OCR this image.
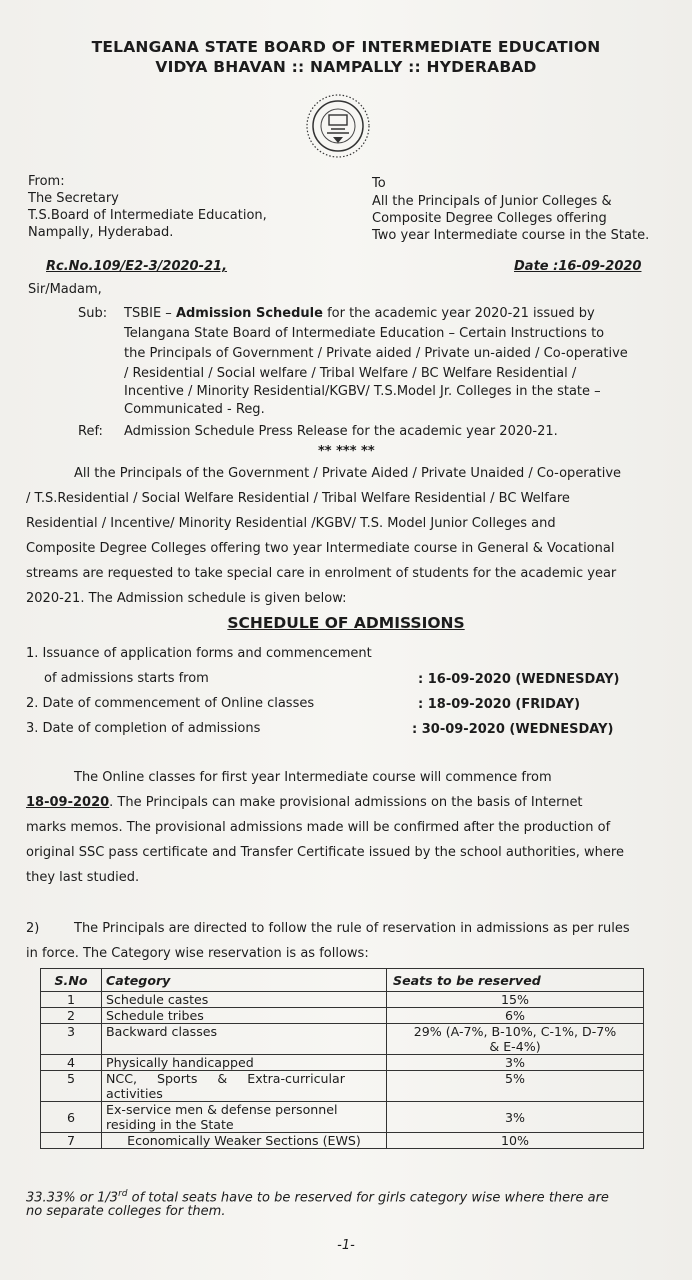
TELANGANA STATE BOARD OF INTERMEDIATE EDUCATION
VIDYA BHAVAN :: NAMPALLY :: HYDERABAD
From:
The Secretary
T.S.Board of Intermediate Education,
Nampally, Hyderabad.
To
All the Principals of Junior Colleges &
Composite Degree Colleges offering
Two year Intermediate course in the State.
Rc.No.109/E2-3/2020-21,	Date :16-09-2020
Sir/Madam,
Sub: TSBIE – Admission Schedule for the academic year 2020-21 issued by
Telangana State Board of Intermediate Education – Certain Instructions to
the Principals of Government / Private aided / Private un-aided / Co-operative
/ Residential / Social welfare / Tribal Welfare / BC Welfare Residential /
Incentive / Minority Residential/KGBV/ T.S.Model Jr. Colleges in the state –
Communicated - Reg.
Ref: Admission Schedule Press Release for the academic year 2020-21.
** *** **
All the Principals of the Government / Private Aided / Private Unaided / Co-operative
/ T.S.Residential / Social Welfare Residential / Tribal Welfare Residential / BC Welfare
Residential / Incentive/ Minority Residential /KGBV/ T.S. Model Junior Colleges and
Composite Degree Colleges offering two year Intermediate course in General & Vocational
streams are requested to take special care in enrolment of students for the academic year
2020-21. The Admission schedule is given below:
SCHEDULE OF ADMISSIONS
1. Issuance of application forms and commencement
of admissions starts from	: 16-09-2020 (WEDNESDAY)
2. Date of commencement of Online classes	: 18-09-2020 (FRIDAY)
3. Date of completion of admissions	: 30-09-2020 (WEDNESDAY)
The Online classes for first year Intermediate course will commence from
18-09-2020. The Principals can make provisional admissions on the basis of Internet
marks memos. The provisional admissions made will be confirmed after the production of
original SSC pass certificate and Transfer Certificate issued by the school authorities, where
they last studied.
2)	The Principals are directed to follow the rule of reservation in admissions as per rules
in force. The Category wise reservation is as follows:
S.No	Category	Seats to be reserved
1	Schedule castes	15%
2	Schedule tribes	6%
3	Backward classes	29% (A-7%, B-10%, C-1%, D-7%
& E-4%)

4	Physically handicapped	3%
5	NCC,     Sports     &     Extra-curricular
activities	5%
6	Ex-service men & defense personnel
residing in the State	3%
7	Economically Weaker Sections (EWS)	10%
33.33% or 1/3rd of total seats have to be reserved for girls category wise where there are
no separate colleges for them.
-1-
